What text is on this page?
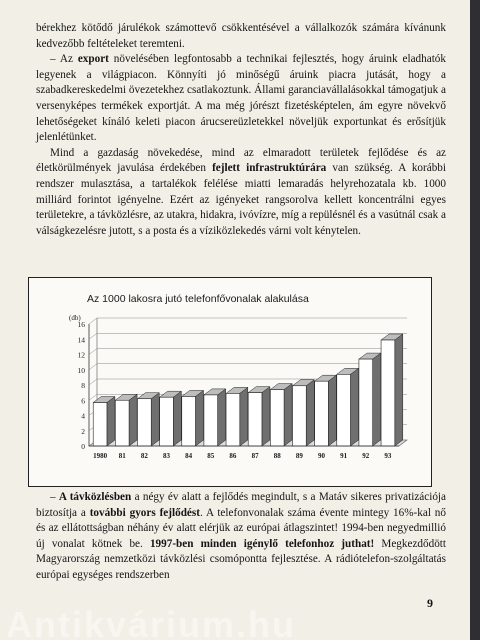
bérekhez kötődő járulékok számottevő csökkentésével a vállalkozók számára kívánunk kedvezőbb feltételeket teremteni.

– Az export növelésében legfontosabb a technikai fejlesztés, hogy áruink eladhatók legyenek a világpiacon. Könnyíti jó minőségű áruink piacra jutását, hogy a szabadkereskedelmi övezetekhez csatlakoztunk. Állami garanciavállalásokkal támogatjuk a versenyképes termékek exportját. A ma még jórészt fizetésképtelen, ám egyre növekvő lehetőségeket kínáló keleti piacon árucsereüzletekkel növeljük exportunkat és erősítjük jelenlétünket.

Mind a gazdaság növekedése, mind az elmaradott területek fejlődése és az életkörülmények javulása érdekében fejlett infrastruktúrára van szükség. A korábbi rendszer mulasztása, a tartalékok felélése miatti lemaradás helyrehozatala kb. 1000 milliárd forintot igényelne. Ezért az igényeket rangsorolva kellett koncentrálni egyes területekre, a távközlésre, az utakra, hidakra, ivóvízre, míg a repülésnél és a vasútnál csak a válságkezelésre jutott, s a posta és a víziközlekedés várni volt kénytelen.

Az 1000 lakosra jutó telefonfővonalak alakulása
(db)
0
2
4
6
8
10
12
14
16
1980 81 82 83 84 85 86 87 88 89 90 91 92 93

– A távközlésben a négy év alatt a fejlődés megindult, s a Matáv sikeres privatizációja biztosítja a további gyors fejlődést. A telefonvonalak száma évente mintegy 16%-kal nő és az ellátottságban néhány év alatt elérjük az európai átlagszintet! 1994-ben negyedmillió új vonalat kötnek be. 1997-ben minden igénylő telefonhoz juthat! Megkezdődött Magyarország nemzetközi távközlési csomópontta fejlesztése. A rádiótelefon-szolgáltatás európai egységes rendszerben

9
Antikvárium.hu
